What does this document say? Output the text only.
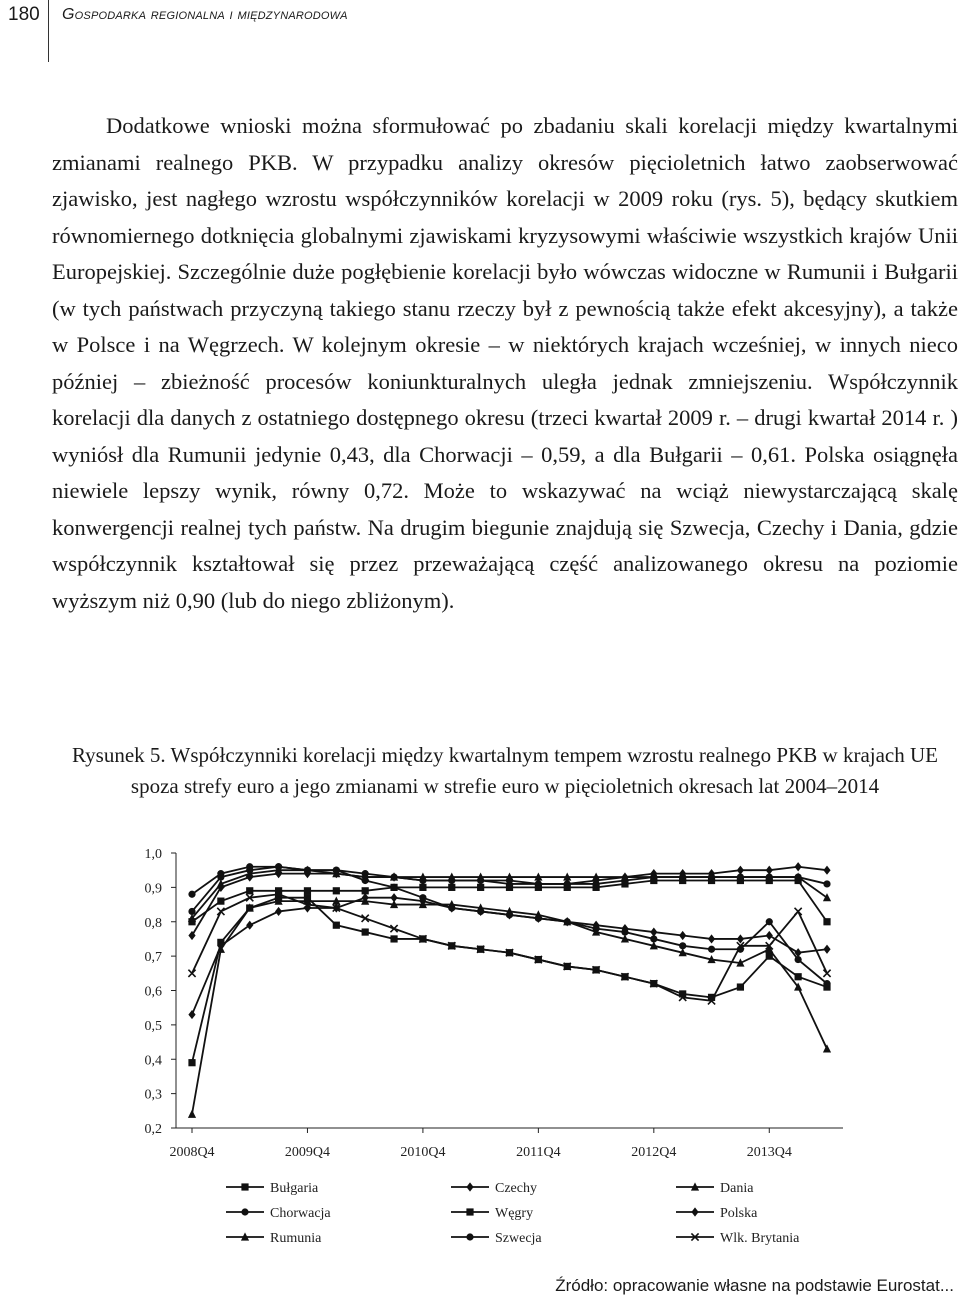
180 Gospodarka regionalna i międzynarodowa

Dodatkowe wnioski można sformułować po zbadaniu skali korelacji między kwartalnymi zmianami realnego PKB. W przypadku analizy okresów pięcioletnich łatwo zaobserwować zjawisko, jest nagłego wzrostu współczynników korelacji w 2009 roku (rys. 5), będący skutkiem równomiernego dotknięcia globalnymi zjawiskami kryzysowymi właściwie wszystkich krajów Unii Europejskiej. Szczególnie duże pogłębienie korelacji było wówczas widoczne w Rumunii i Bułgarii (w tych państwach przyczyną takiego stanu rzeczy był z pewnością także efekt akcesyjny), a także w Polsce i na Węgrzech. W kolejnym okresie – w niektórych krajach wcześniej, w innych nieco później – zbieżność procesów koniunkturalnych uległa jednak zmniejszeniu. Współczynnik korelacji dla danych z ostatniego dostępnego okresu (trzeci kwartał 2009 r. – drugi kwartał 2014 r. ) wyniósł dla Rumunii jedynie 0,43, dla Chorwacji – 0,59, a dla Bułgarii – 0,61. Polska osiągnęła niewiele lepszy wynik, równy 0,72. Może to wskazywać na wciąż niewystarczającą skalę konwergencji realnej tych państw. Na drugim biegunie znajdują się Szwecja, Czechy i Dania, gdzie współczynnik kształtował się przez przeważającą część analizowanego okresu na poziomie wyższym niż 0,90 (lub do niego zbliżonym).

Rysunek 5. Współczynniki korelacji między kwartalnym tempem wzrostu realnego PKB w krajach UE spoza strefy euro a jego zmianami w strefie euro w pięcioletnich okresach lat 2004–2014
1,0
0,9
0,8
0,7
0,6
0,5
0,4
0,3
0,2
2008Q4	2009Q4	2010Q4	2011Q4	2012Q4	2013Q4
Bułgaria
Chorwacja
Rumunia
Czechy
Węgry
Szwecja
Dania
Polska
Wlk. Brytania
Źródło: opracowanie własne na podstawie Eurostat...
